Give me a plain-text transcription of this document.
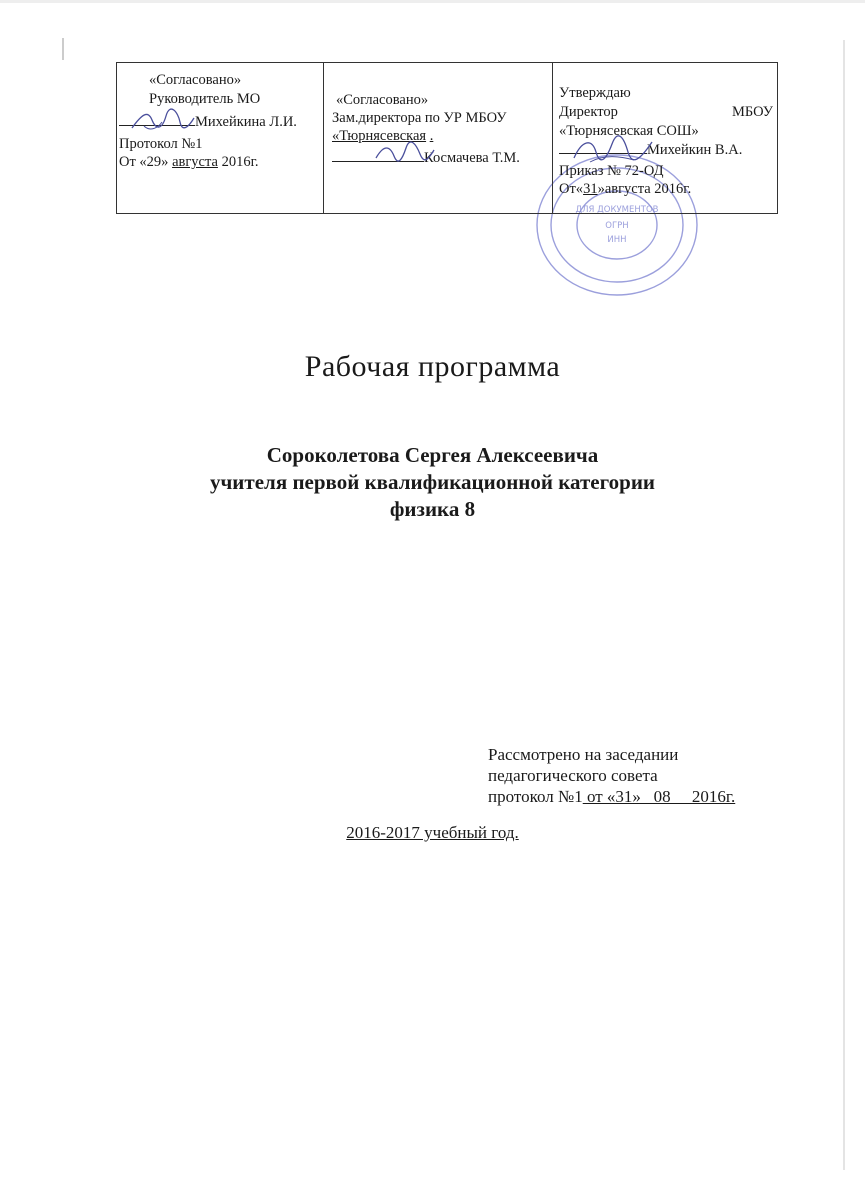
ДЛЯ ДОКУМЕНТОВ
ОГРН
ИНН
«Согласовано»
Руководитель МО
Михейкина Л.И.
Протокол №1
От «29» августа 2016г.
«Согласовано»
Зам.директора по УР МБОУ
«Тюрнясевская .
Космачева Т.М.
Утверждаю
Директор	МБОУ
«Тюрнясевская СОШ»
Михейкин В.А.
Приказ № 72-ОД
От«31»августа 2016г.
Рабочая программа
Сороколетова Сергея Алексеевича
учителя первой квалификационной категории
физика 8
Рассмотрено на заседании
педагогического совета
протокол №1 от «31»   08     2016г.
2016-2017 учебный год.
